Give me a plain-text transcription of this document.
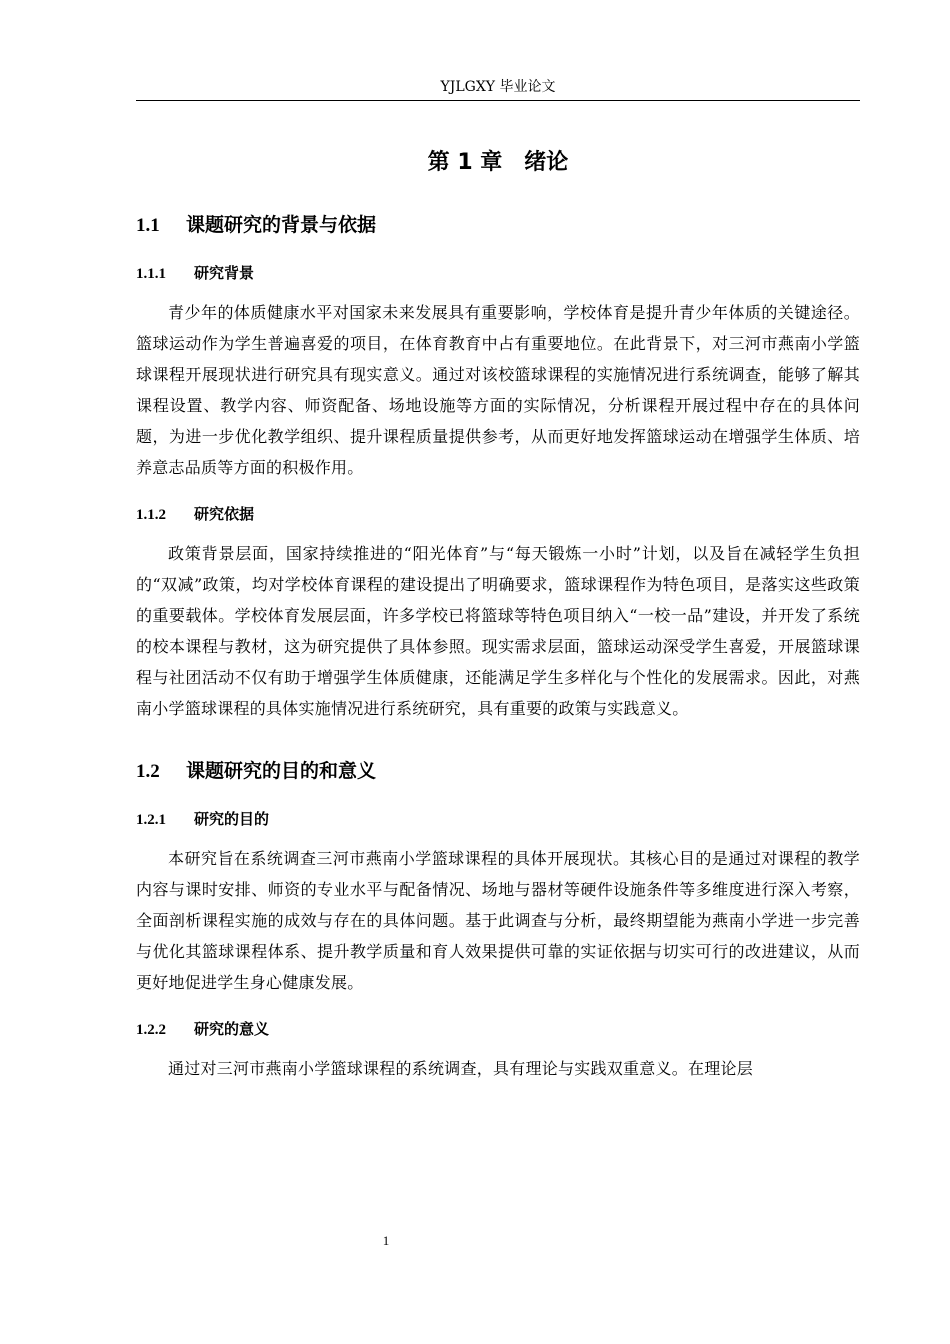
YJLGXY 毕业论文
第 1 章　绪论
1.1 课题研究的背景与依据
1.1.1 研究背景

青少年的体质健康水平对国家未来发展具有重要影响，学校体育是提升青少年体质的关键途径。篮球运动作为学生普遍喜爱的项目，在体育教育中占有重要地位。在此背景下，对三河市燕南小学篮球课程开展现状进行研究具有现实意义。通过对该校篮球课程的实施情况进行系统调查，能够了解其课程设置、教学内容、师资配备、场地设施等方面的实际情况，分析课程开展过程中存在的具体问题，为进一步优化教学组织、提升课程质量提供参考，从而更好地发挥篮球运动在增强学生体质、培养意志品质等方面的积极作用。

1.1.2 研究依据

政策背景层面，国家持续推进的“阳光体育”与“每天锻炼一小时”计划，以及旨在减轻学生负担的“双减”政策，均对学校体育课程的建设提出了明确要求，篮球课程作为特色项目，是落实这些政策的重要载体。学校体育发展层面，许多学校已将篮球等特色项目纳入“一校一品”建设，并开发了系统的校本课程与教材，这为研究提供了具体参照。现实需求层面，篮球运动深受学生喜爱，开展篮球课程与社团活动不仅有助于增强学生体质健康，还能满足学生多样化与个性化的发展需求。因此，对燕南小学篮球课程的具体实施情况进行系统研究，具有重要的政策与实践意义。

1.2 课题研究的目的和意义
1.2.1 研究的目的

本研究旨在系统调查三河市燕南小学篮球课程的具体开展现状。其核心目的是通过对课程的教学内容与课时安排、师资的专业水平与配备情况、场地与器材等硬件设施条件等多维度进行深入考察，全面剖析课程实施的成效与存在的具体问题。基于此调查与分析，最终期望能为燕南小学进一步完善与优化其篮球课程体系、提升教学质量和育人效果提供可靠的实证依据与切实可行的改进建议，从而更好地促进学生身心健康发展。

1.2.2 研究的意义

通过对三河市燕南小学篮球课程的系统调查，具有理论与实践双重意义。在理论层

1
